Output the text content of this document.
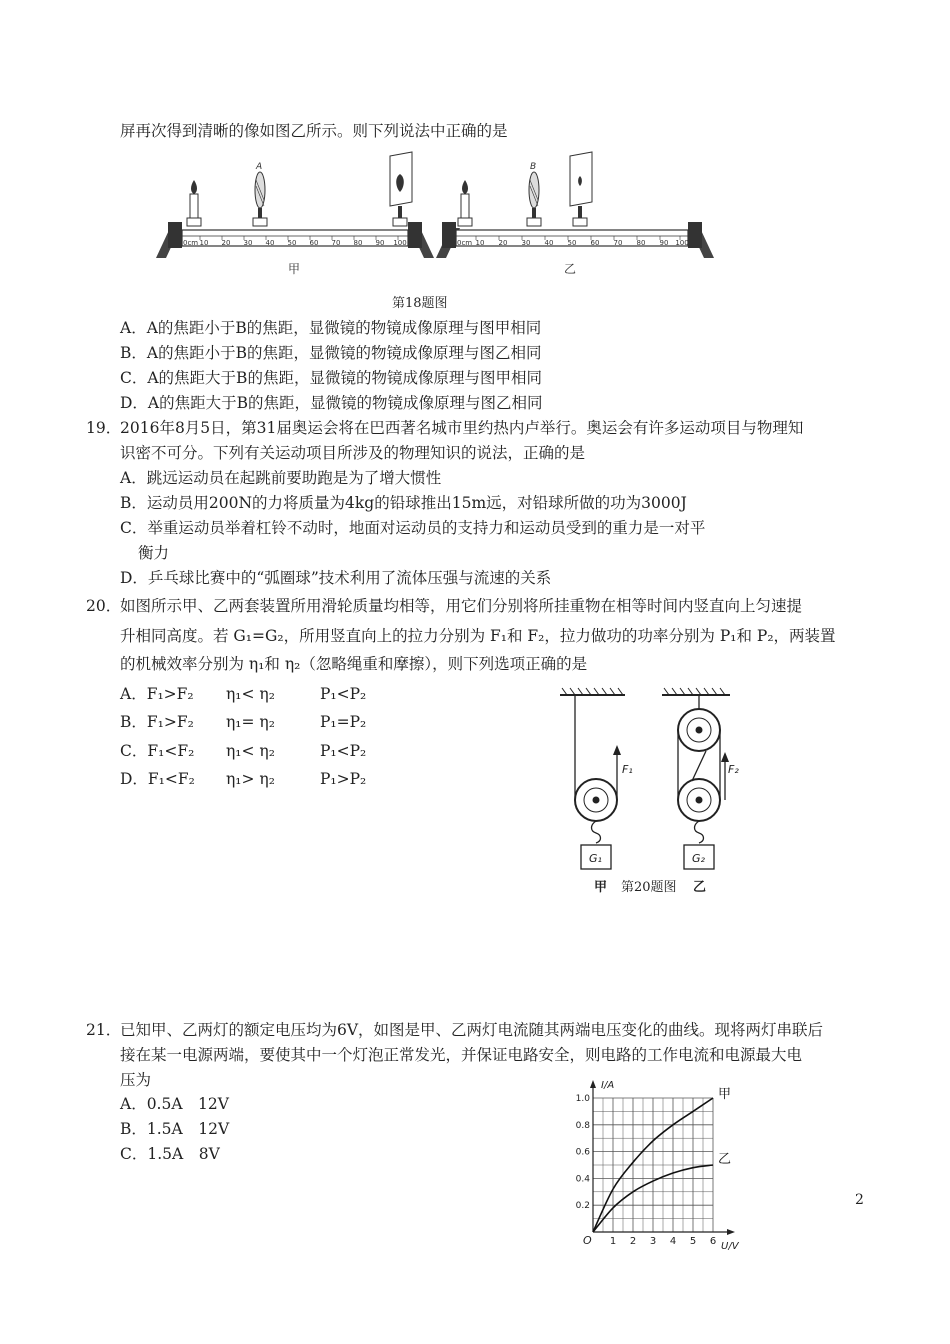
屏再次得到清晰的像如图乙所示。则下列说法中正确的是
0cm 10 20 30 40 50 60 70 80 90 100
A
甲
0cm 10 20 30 40 50 60 70 80 90 100
B
乙
第18题图
A．A的焦距小于B的焦距，显微镜的物镜成像原理与图甲相同
B．A的焦距小于B的焦距，显微镜的物镜成像原理与图乙相同
C．A的焦距大于B的焦距，显微镜的物镜成像原理与图甲相同
D．A的焦距大于B的焦距，显微镜的物镜成像原理与图乙相同
19．
2016年8月5日，第31届奥运会将在巴西著名城市里约热内卢举行。奥运会有许多运动项目与物理知
识密不可分。下列有关运动项目所涉及的物理知识的说法，正确的是
A．跳远运动员在起跳前要助跑是为了增大惯性
B．运动员用200N的力将质量为4kg的铅球推出15m远，对铅球所做的功为3000J
C．举重运动员举着杠铃不动时，地面对运动员的支持力和运动员受到的重力是一对平
衡力
D．乒乓球比赛中的“弧圈球”技术利用了流体压强与流速的关系
20．
如图所示甲、乙两套装置所用滑轮质量均相等，用它们分别将所挂重物在相等时间内竖直向上匀速提
升相同高度。若 G₁=G₂，所用竖直向上的拉力分别为 F₁和 F₂，拉力做功的功率分别为 P₁和 P₂，两装置
的机械效率分别为 η₁和 η₂（忽略绳重和摩擦），则下列选项正确的是
A．F₁>F₂ η₁< η₂	P₁<P₂
B．F₁>F₂ η₁= η₂	P₁=P₂
C．F₁<F₂ η₁< η₂	P₁<P₂
D．F₁<F₂ η₁> η₂	P₁>P₂
F₁
G₁
F₂
G₂
甲 第20题图 乙
21．
已知甲、乙两灯的额定电压均为6V，如图是甲、乙两灯电流随其两端电压变化的曲线。现将两灯串联后
接在某一电源两端，要使其中一个灯泡正常发光，并保证电路安全，则电路的工作电流和电源最大电
压为
A．0.5A　12V
B．1.5A　12V
C．1.5A　8V
1 2 3 4 5 6
0.2
0.4
0.6
0.8
1.0
O	U/V
I/A
甲
乙
2
